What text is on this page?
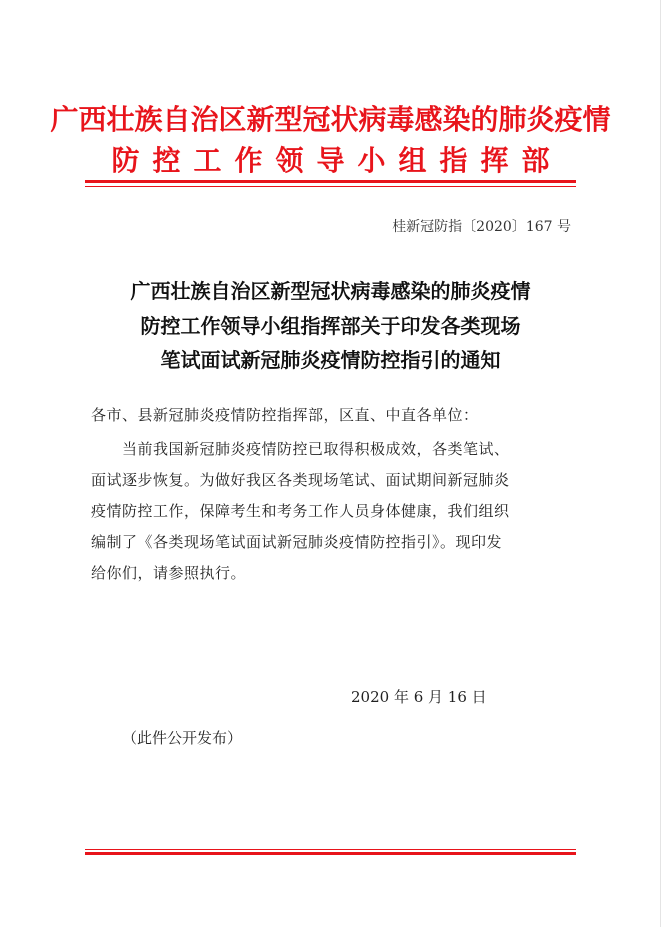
广西壮族自治区新型冠状病毒感染的肺炎疫情
防控工作领导小组指挥部
桂新冠防指〔2020〕167 号
广西壮族自治区新型冠状病毒感染的肺炎疫情
防控工作领导小组指挥部关于印发各类现场
笔试面试新冠肺炎疫情防控指引的通知
各市、县新冠肺炎疫情防控指挥部，区直、中直各单位：
当前我国新冠肺炎疫情防控已取得积极成效，各类笔试、
面试逐步恢复。为做好我区各类现场笔试、面试期间新冠肺炎
疫情防控工作，保障考生和考务工作人员身体健康，我们组织
编制了《各类现场笔试面试新冠肺炎疫情防控指引》。现印发
给你们，请参照执行。
2020 年 6 月 16 日
（此件公开发布）
